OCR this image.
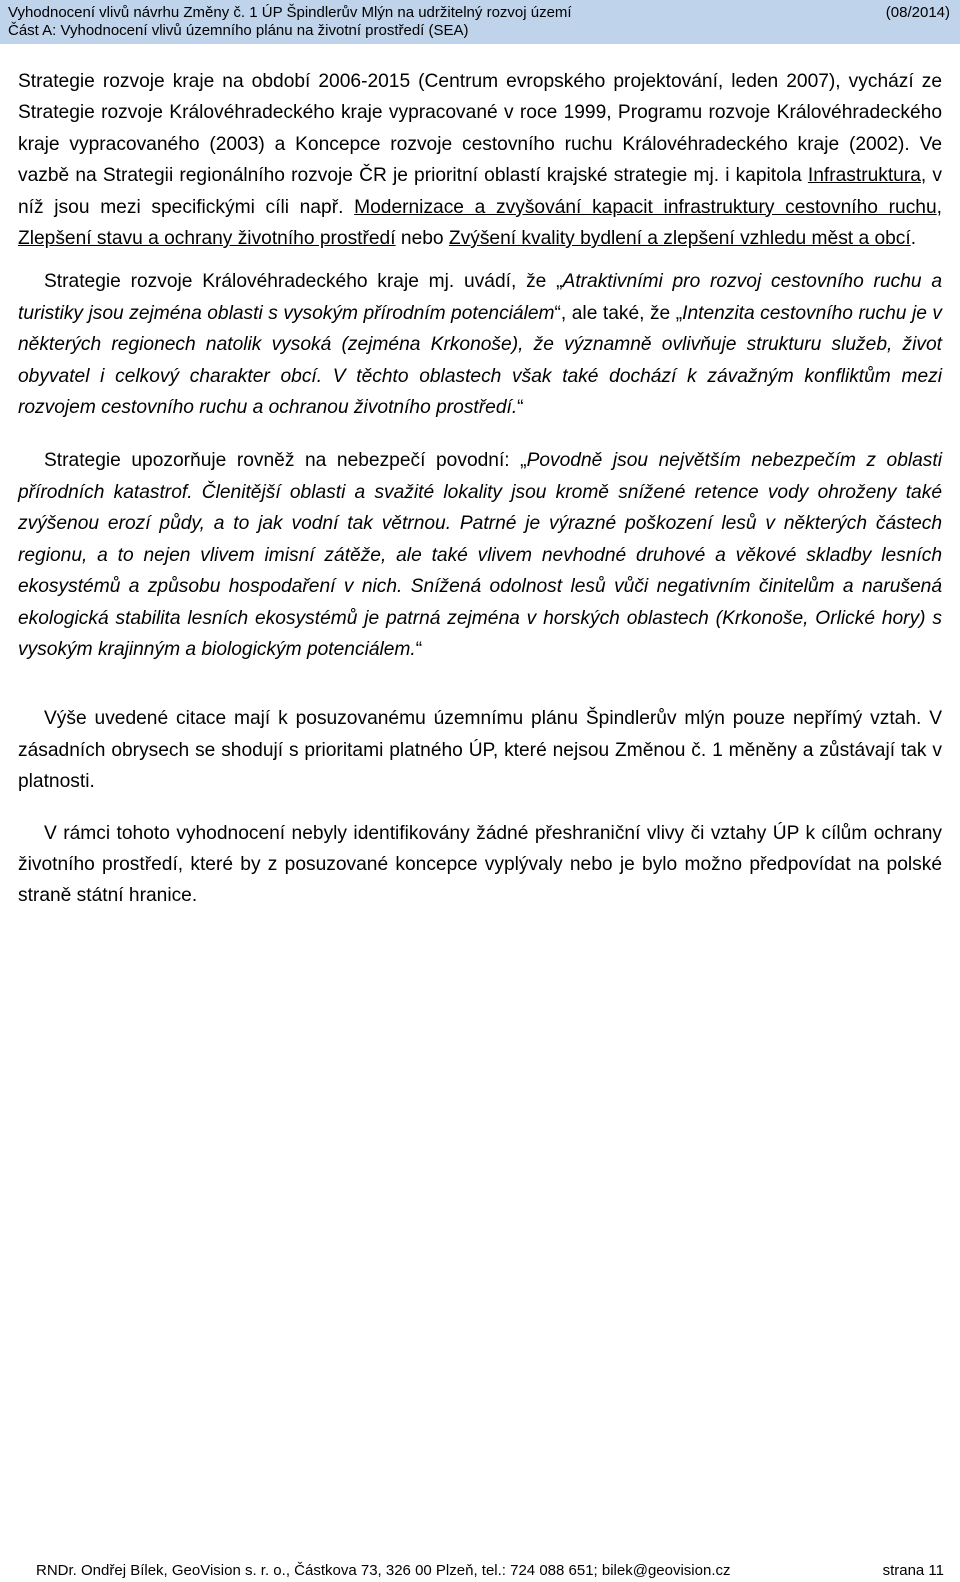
Vyhodnocení vlivů návrhu Změny č. 1 ÚP Špindlerův Mlýn na udržitelný rozvoj území
Část A: Vyhodnocení vlivů územního plánu na životní prostředí (SEA)
(08/2014)

Strategie rozvoje kraje na období 2006-2015 (Centrum evropského projektování, leden 2007), vychází ze Strategie rozvoje Královéhradeckého kraje vypracované v roce 1999, Programu rozvoje Královéhradeckého kraje vypracovaného (2003) a Koncepce rozvoje cestovního ruchu Královéhradeckého kraje (2002). Ve vazbě na Strategii regionálního rozvoje ČR je prioritní oblastí krajské strategie mj. i kapitola Infrastruktura, v níž jsou mezi specifickými cíli např. Modernizace a zvyšování kapacit infrastruktury cestovního ruchu, Zlepšení stavu a ochrany životního prostředí nebo Zvýšení kvality bydlení a zlepšení vzhledu měst a obcí.

Strategie rozvoje Královéhradeckého kraje mj. uvádí, že „Atraktivními pro rozvoj cestovního ruchu a turistiky jsou zejména oblasti s vysokým přírodním potenciálem“, ale také, že „Intenzita cestovního ruchu je v některých regionech natolik vysoká (zejména Krkonoše), že významně ovlivňuje strukturu služeb, život obyvatel i celkový charakter obcí. V těchto oblastech však také dochází k závažným konfliktům mezi rozvojem cestovního ruchu a ochranou životního prostředí.“

Strategie upozorňuje rovněž na nebezpečí povodní: „Povodně jsou největším nebezpečím z oblasti přírodních katastrof. Členitější oblasti a svažité lokality jsou kromě snížené retence vody ohroženy také zvýšenou erozí půdy, a to jak vodní tak větrnou. Patrné je výrazné poškození lesů v některých částech regionu, a to nejen vlivem imisní zátěže, ale také vlivem nevhodné druhové a věkové skladby lesních ekosystémů a způsobu hospodaření v nich. Snížená odolnost lesů vůči negativním činitelům a narušená ekologická stabilita lesních ekosystémů je patrná zejména v horských oblastech (Krkonoše, Orlické hory) s vysokým krajinným a biologickým potenciálem.“

Výše uvedené citace mají k posuzovanému územnímu plánu Špindlerův mlýn pouze nepřímý vztah. V zásadních obrysech se shodují s prioritami platného ÚP, které nejsou Změnou č. 1 měněny a zůstávají tak v platnosti.

V rámci tohoto vyhodnocení nebyly identifikovány žádné přeshraniční vlivy či vztahy ÚP k cílům ochrany životního prostředí, které by z posuzované koncepce vyplývaly nebo je bylo možno předpovídat na polské straně státní hranice.

RNDr. Ondřej Bílek, GeoVision s. r. o., Částkova 73, 326 00 Plzeň, tel.: 724 088 651; bilek@geovision.cz	strana 11
